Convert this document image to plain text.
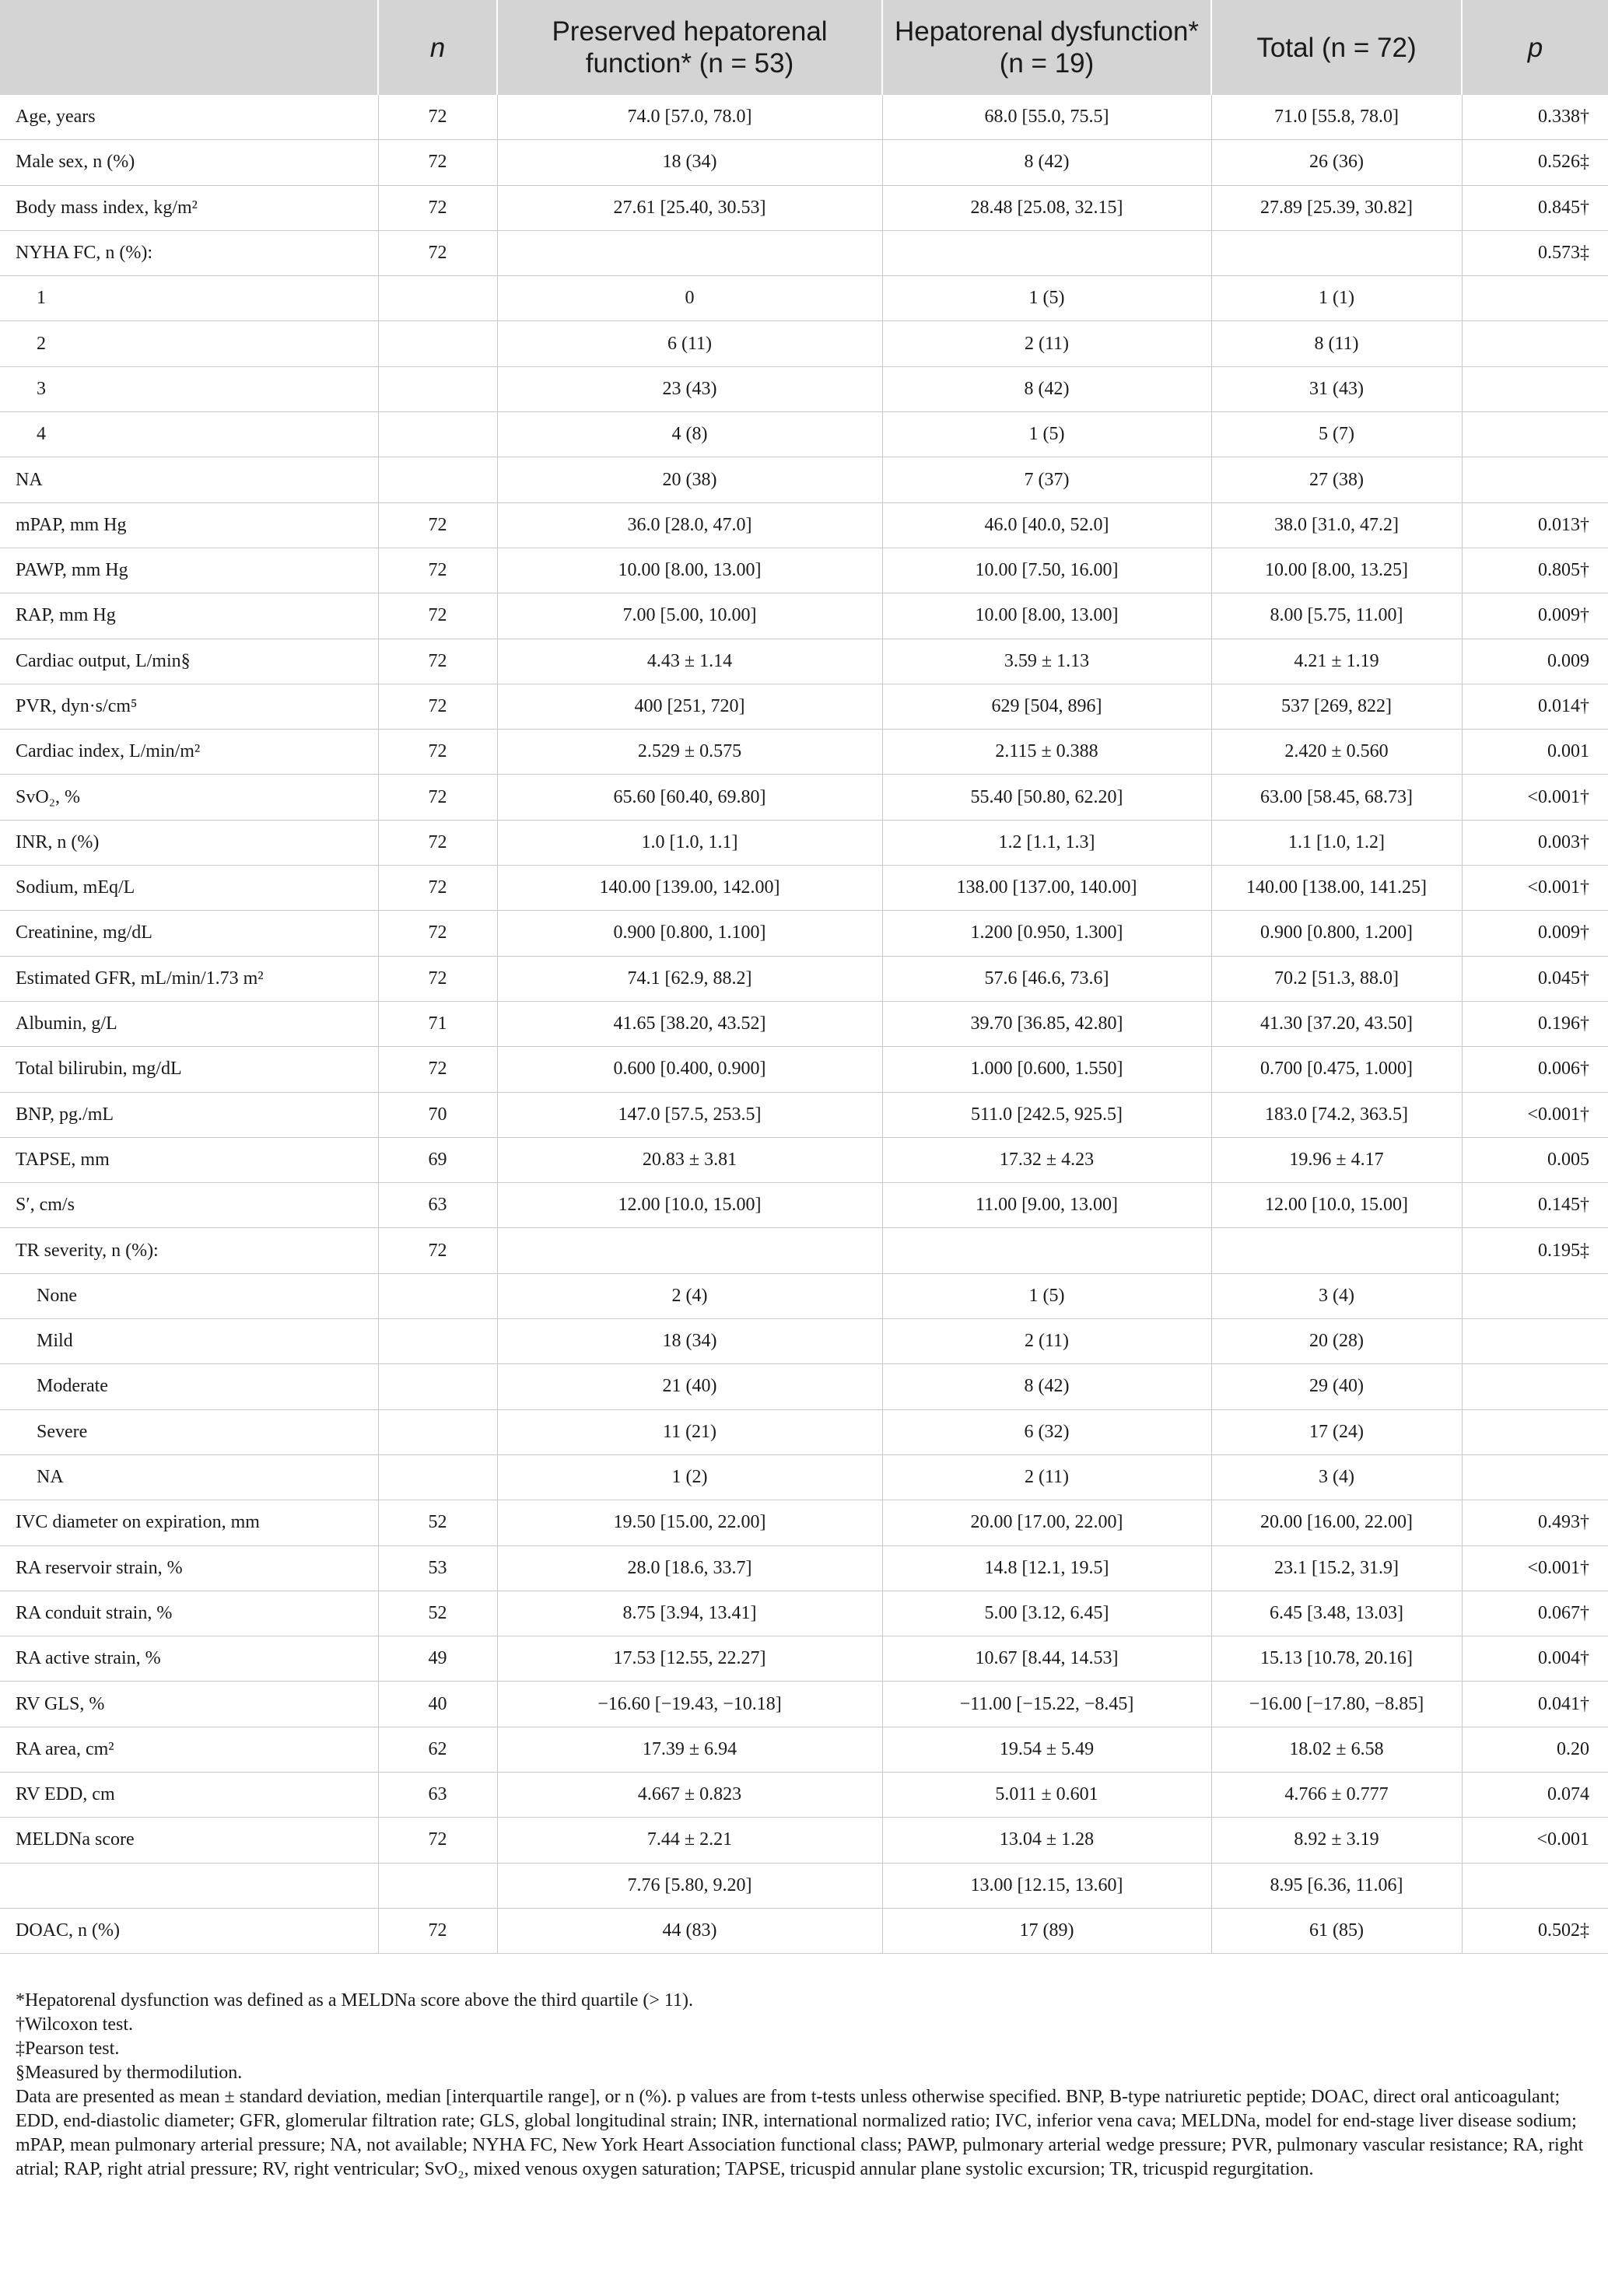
	n	Preserved hepatorenal function* (n = 53)	Hepatorenal dysfunction* (n = 19)	Total (n = 72)	p
Age, years	72	74.0 [57.0, 78.0]	68.0 [55.0, 75.5]	71.0 [55.8, 78.0]	0.338†
Male sex, n (%)	72	18 (34)	8 (42)	26 (36)	0.526‡
Body mass index, kg/m²	72	27.61 [25.40, 30.53]	28.48 [25.08, 32.15]	27.89 [25.39, 30.82]	0.845†
NYHA FC, n (%):	72				0.573‡
1		0	1 (5)	1 (1)	
2		6 (11)	2 (11)	8 (11)	
3		23 (43)	8 (42)	31 (43)	
4		4 (8)	1 (5)	5 (7)	
NA		20 (38)	7 (37)	27 (38)	
mPAP, mm Hg	72	36.0 [28.0, 47.0]	46.0 [40.0, 52.0]	38.0 [31.0, 47.2]	0.013†
PAWP, mm Hg	72	10.00 [8.00, 13.00]	10.00 [7.50, 16.00]	10.00 [8.00, 13.25]	0.805†
RAP, mm Hg	72	7.00 [5.00, 10.00]	10.00 [8.00, 13.00]	8.00 [5.75, 11.00]	0.009†
Cardiac output, L/min§	72	4.43 ± 1.14	3.59 ± 1.13	4.21 ± 1.19	0.009
PVR, dyn·s/cm⁵	72	400 [251, 720]	629 [504, 896]	537 [269, 822]	0.014†
Cardiac index, L/min/m²	72	2.529 ± 0.575	2.115 ± 0.388	2.420 ± 0.560	0.001
SvO₂, %	72	65.60 [60.40, 69.80]	55.40 [50.80, 62.20]	63.00 [58.45, 68.73]	<0.001†
INR, n (%)	72	1.0 [1.0, 1.1]	1.2 [1.1, 1.3]	1.1 [1.0, 1.2]	0.003†
Sodium, mEq/L	72	140.00 [139.00, 142.00]	138.00 [137.00, 140.00]	140.00 [138.00, 141.25]	<0.001†
Creatinine, mg/dL	72	0.900 [0.800, 1.100]	1.200 [0.950, 1.300]	0.900 [0.800, 1.200]	0.009†
Estimated GFR, mL/min/1.73 m²	72	74.1 [62.9, 88.2]	57.6 [46.6, 73.6]	70.2 [51.3, 88.0]	0.045†
Albumin, g/L	71	41.65 [38.20, 43.52]	39.70 [36.85, 42.80]	41.30 [37.20, 43.50]	0.196†
Total bilirubin, mg/dL	72	0.600 [0.400, 0.900]	1.000 [0.600, 1.550]	0.700 [0.475, 1.000]	0.006†
BNP, pg./mL	70	147.0 [57.5, 253.5]	511.0 [242.5, 925.5]	183.0 [74.2, 363.5]	<0.001†
TAPSE, mm	69	20.83 ± 3.81	17.32 ± 4.23	19.96 ± 4.17	0.005
S′, cm/s	63	12.00 [10.0, 15.00]	11.00 [9.00, 13.00]	12.00 [10.0, 15.00]	0.145†
TR severity, n (%):	72				0.195‡
None		2 (4)	1 (5)	3 (4)	
Mild		18 (34)	2 (11)	20 (28)	
Moderate		21 (40)	8 (42)	29 (40)	
Severe		11 (21)	6 (32)	17 (24)	
NA		1 (2)	2 (11)	3 (4)	
IVC diameter on expiration, mm	52	19.50 [15.00, 22.00]	20.00 [17.00, 22.00]	20.00 [16.00, 22.00]	0.493†
RA reservoir strain, %	53	28.0 [18.6, 33.7]	14.8 [12.1, 19.5]	23.1 [15.2, 31.9]	<0.001†
RA conduit strain, %	52	8.75 [3.94, 13.41]	5.00 [3.12, 6.45]	6.45 [3.48, 13.03]	0.067†
RA active strain, %	49	17.53 [12.55, 22.27]	10.67 [8.44, 14.53]	15.13 [10.78, 20.16]	0.004†
RV GLS, %	40	−16.60 [−19.43, −10.18]	−11.00 [−15.22, −8.45]	−16.00 [−17.80, −8.85]	0.041†
RA area, cm²	62	17.39 ± 6.94	19.54 ± 5.49	18.02 ± 6.58	0.20
RV EDD, cm	63	4.667 ± 0.823	5.011 ± 0.601	4.766 ± 0.777	0.074
MELDNa score	72	7.44 ± 2.21	13.04 ± 1.28	8.92 ± 3.19	<0.001
		7.76 [5.80, 9.20]	13.00 [12.15, 13.60]	8.95 [6.36, 11.06]	
DOAC, n (%)	72	44 (83)	17 (89)	61 (85)	0.502‡

*Hepatorenal dysfunction was defined as a MELDNa score above the third quartile (> 11).

†Wilcoxon test.

‡Pearson test.

§Measured by thermodilution.

Data are presented as mean ± standard deviation, median [interquartile range], or n (%). p values are from t-tests unless otherwise specified. BNP, B-type natriuretic peptide; DOAC, direct oral anticoagulant; EDD, end-diastolic diameter; GFR, glomerular filtration rate; GLS, global longitudinal strain; INR, international normalized ratio; IVC, inferior vena cava; MELDNa, model for end-stage liver disease sodium; mPAP, mean pulmonary arterial pressure; NA, not available; NYHA FC, New York Heart Association functional class; PAWP, pulmonary arterial wedge pressure; PVR, pulmonary vascular resistance; RA, right atrial; RAP, right atrial pressure; RV, right ventricular; SvO₂, mixed venous oxygen saturation; TAPSE, tricuspid annular plane systolic excursion; TR, tricuspid regurgitation.
